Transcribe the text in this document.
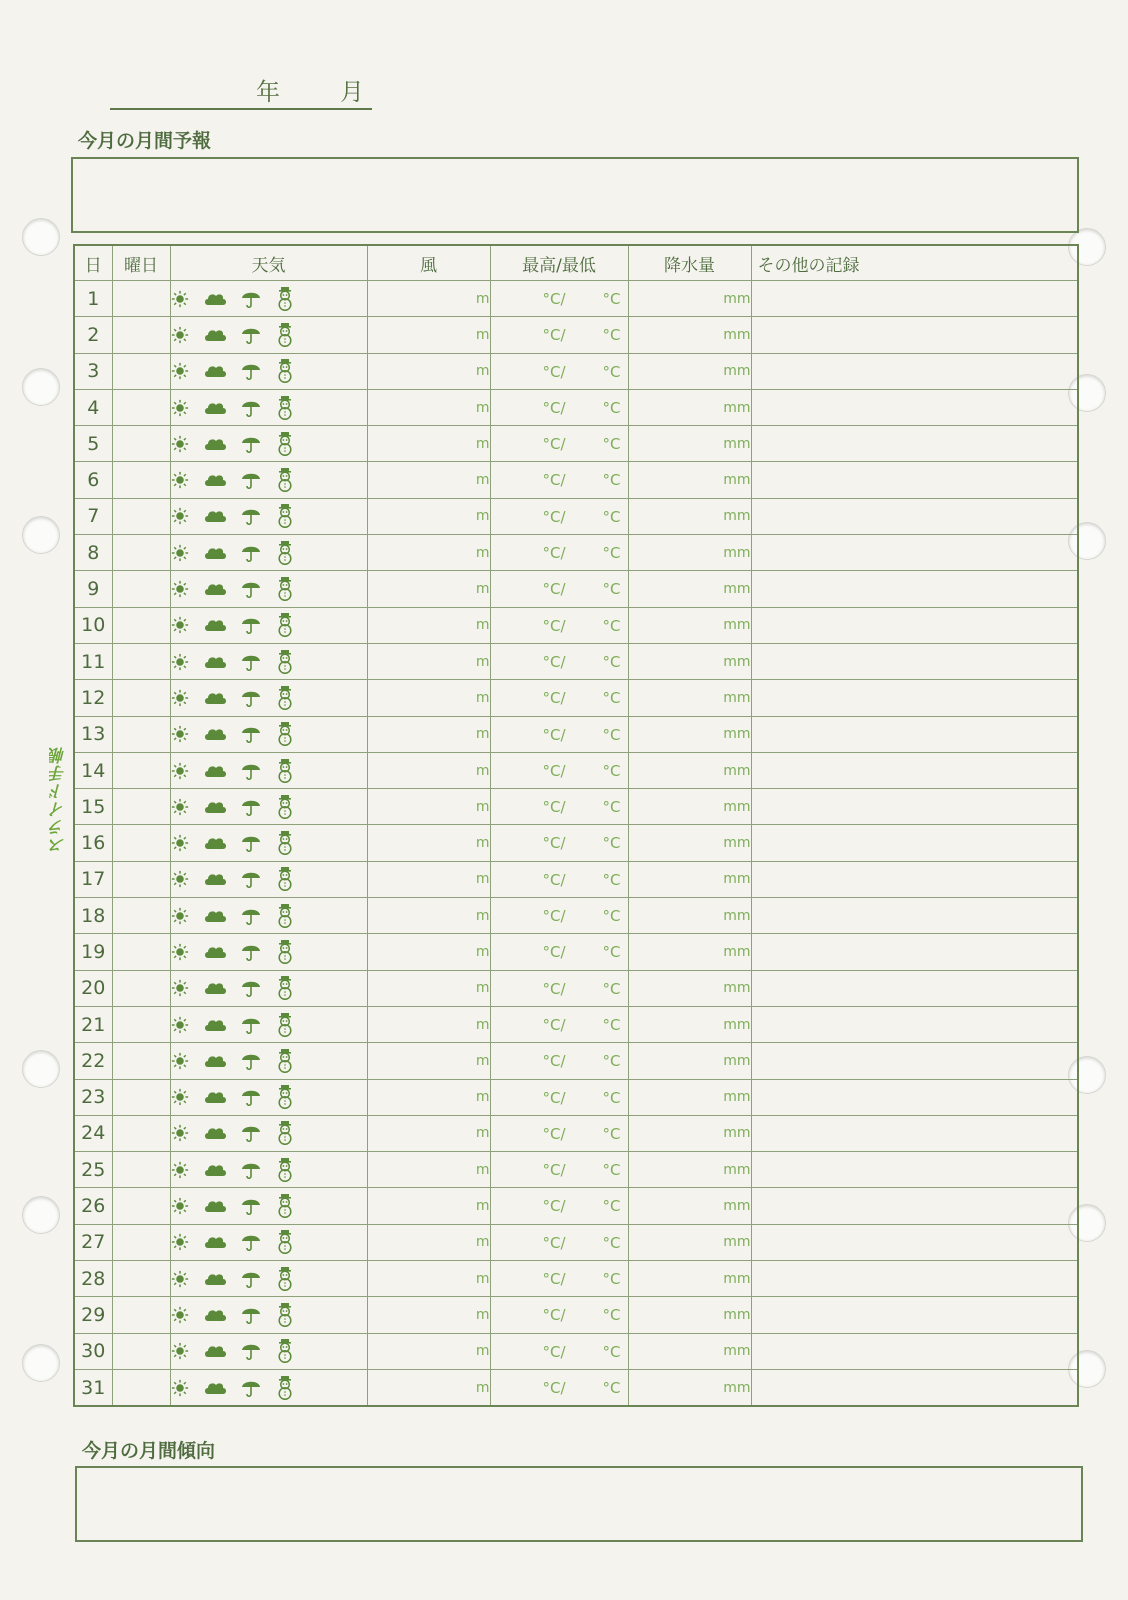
年	月
今月の月間予報
スライド手帳
日	曜日	天気	風	最高/最低	降水量	その他の記録
1			m	°C/ °C	mm	
2			m	°C/ °C	mm	
3			m	°C/ °C	mm	
4			m	°C/ °C	mm	
5			m	°C/ °C	mm	
6			m	°C/ °C	mm	
7			m	°C/ °C	mm	
8			m	°C/ °C	mm	
9			m	°C/ °C	mm	
10			m	°C/ °C	mm	
11			m	°C/ °C	mm	
12			m	°C/ °C	mm	
13			m	°C/ °C	mm	
14			m	°C/ °C	mm	
15			m	°C/ °C	mm	
16			m	°C/ °C	mm	
17			m	°C/ °C	mm	
18			m	°C/ °C	mm	
19			m	°C/ °C	mm	
20			m	°C/ °C	mm	
21			m	°C/ °C	mm	
22			m	°C/ °C	mm	
23			m	°C/ °C	mm	
24			m	°C/ °C	mm	
25			m	°C/ °C	mm	
26			m	°C/ °C	mm	
27			m	°C/ °C	mm	
28			m	°C/ °C	mm	
29			m	°C/ °C	mm	
30			m	°C/ °C	mm	
31			m	°C/ °C	mm	
今月の月間傾向
